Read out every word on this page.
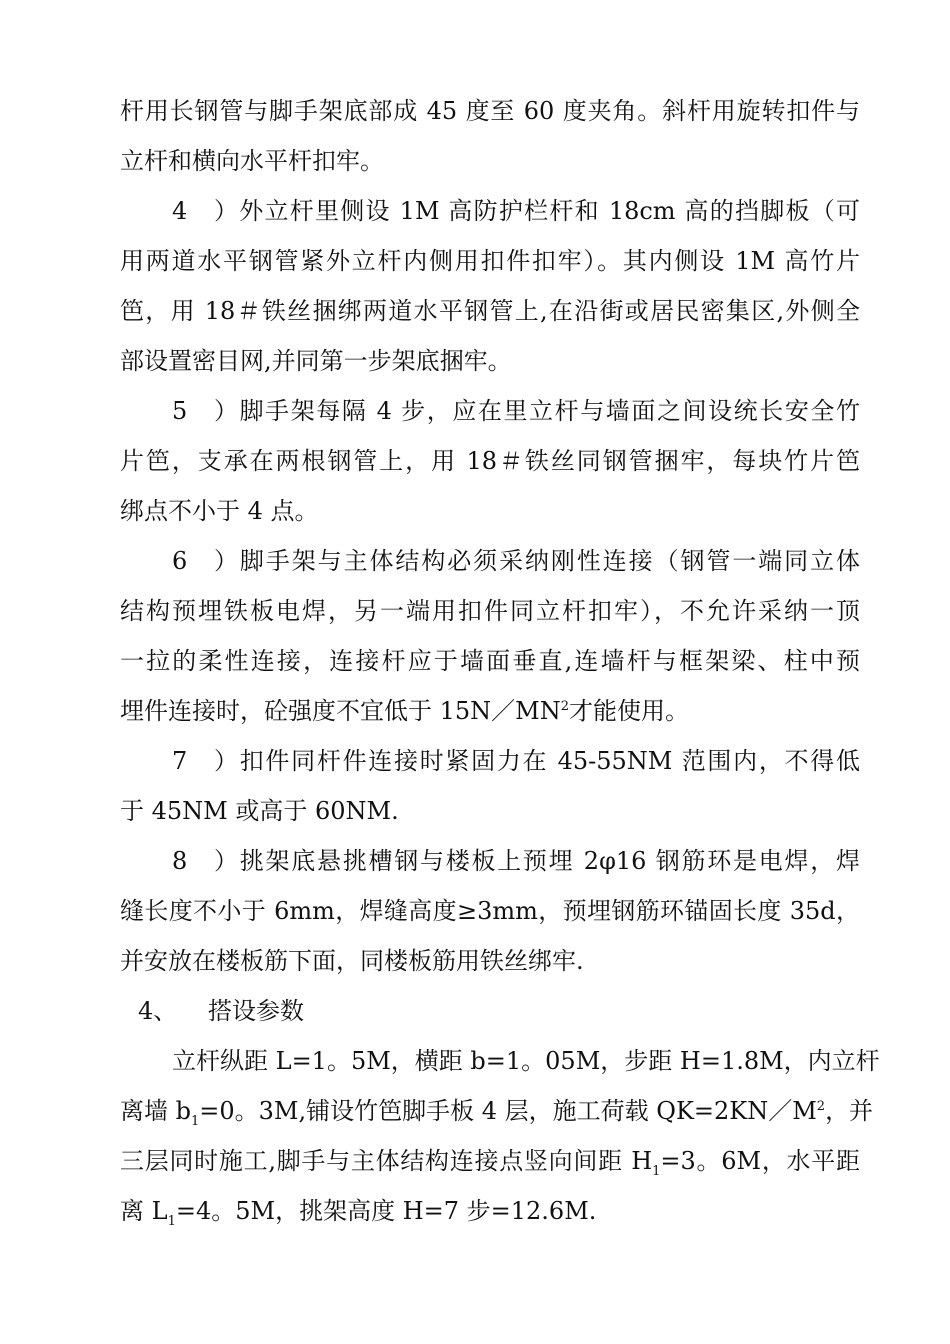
杆用长钢管与脚手架底部成 45 度至 60 度夹角。斜杆用旋转扣件与
立杆和横向水平杆扣牢。
4）外立杆里侧设 1M 高防护栏杆和 18cm 高的挡脚板（可
用两道水平钢管紧外立杆内侧用扣件扣牢）。其内侧设 1M 高竹片
笆，用 18＃铁丝捆绑两道水平钢管上,在沿街或居民密集区,外侧全
部设置密目网,并同第一步架底捆牢。
5）脚手架每隔 4 步，应在里立杆与墙面之间设统长安全竹
片笆，支承在两根钢管上，用 18＃铁丝同钢管捆牢，每块竹片笆
绑点不小于 4 点。
6）脚手架与主体结构必须采纳刚性连接（钢管一端同立体
结构预埋铁板电焊，另一端用扣件同立杆扣牢），不允许采纳一顶
一拉的柔性连接，连接杆应于墙面垂直,连墙杆与框架梁、柱中预
埋件连接时，砼强度不宜低于 $15N/MN^2$才能使用。
7）扣件同杆件连接时紧固力在 45-55NM 范围内，不得低
于 45NM 或高于 60NM.
8）挑架底悬挑槽钢与楼板上预埋 2φ16 钢筋环是电焊，焊
缝长度不小于 6mm，焊缝高度≥3mm，预埋钢筋环锚固长度 35d，
并安放在楼板筋下面，同楼板筋用铁丝绑牢.
4、 搭设参数
立杆纵距 L=1。5M，横距 b=1。05M，步距 H=1.8M，内立杆
离墙 $b_1=0$。3M,铺设竹笆脚手板 4 层，施工荷载 $QK=2KN/M^2$，并
三层同时施工,脚手与主体结构连接点竖向间距 $H_1=3$。6M，水平距
离 $L_1=4$。5M，挑架高度 H=7 步=12.6M.
